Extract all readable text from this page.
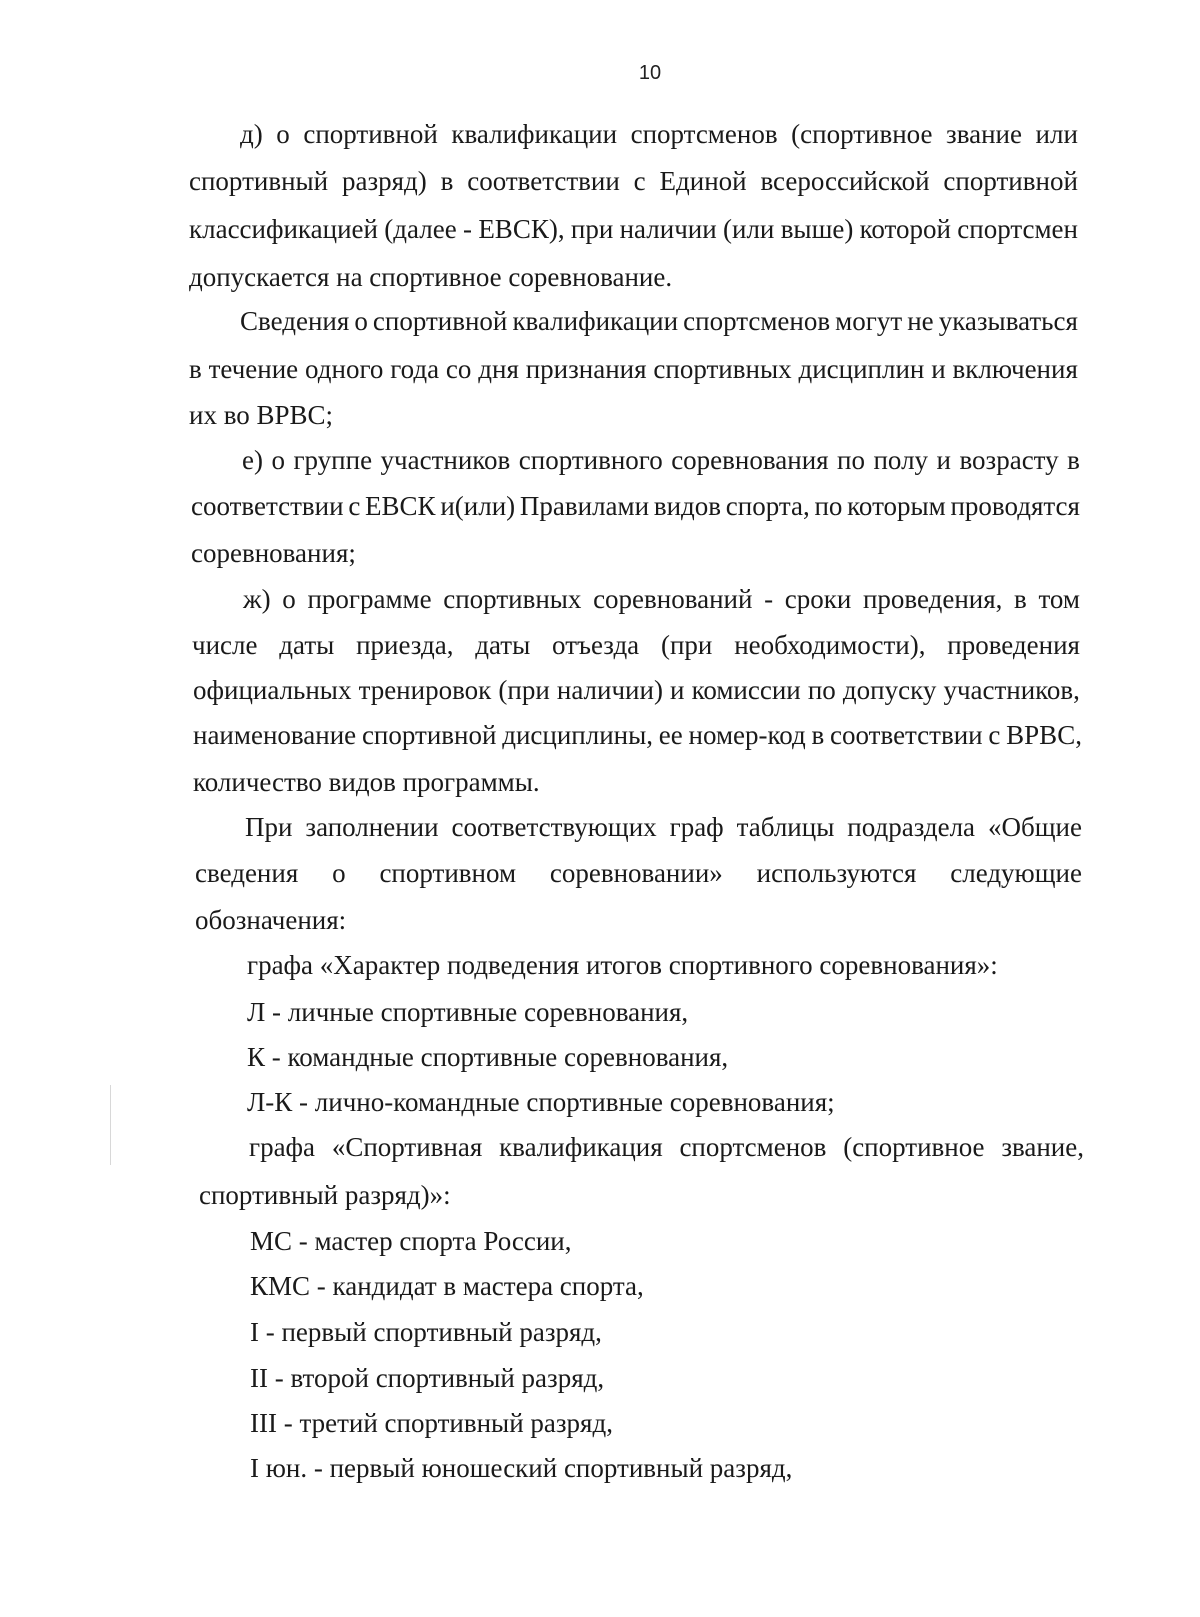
10
д) о спортивной квалификации спортсменов (спортивное звание или
спортивный разряд) в соответствии с Единой всероссийской спортивной
классификацией (далее - ЕВСК), при наличии (или выше) которой спортсмен
допускается на спортивное соревнование.
Сведения о спортивной квалификации спортсменов могут не указываться
в течение одного года со дня признания спортивных дисциплин и включения
их во ВРВС;
е) о группе участников спортивного соревнования по полу и возрасту в
соответствии с ЕВСК и(или) Правилами видов спорта, по которым проводятся
соревнования;
ж) о программе спортивных соревнований - сроки проведения, в том
числе даты приезда, даты отъезда (при необходимости), проведения
официальных тренировок (при наличии) и комиссии по допуску участников,
наименование спортивной дисциплины, ее номер-код в соответствии с ВРВС,
количество видов программы.
При заполнении соответствующих граф таблицы подраздела «Общие
сведения о спортивном соревновании» используются следующие
обозначения:
графа «Характер подведения итогов спортивного соревнования»:
Л - личные спортивные соревнования,
К - командные спортивные соревнования,
Л-К - лично-командные спортивные соревнования;
графа «Спортивная квалификация спортсменов (спортивное звание,
спортивный разряд)»:
МС - мастер спорта России,
КМС - кандидат в мастера спорта,
I - первый спортивный разряд,
II - второй спортивный разряд,
III - третий спортивный разряд,
I юн. - первый юношеский спортивный разряд,
